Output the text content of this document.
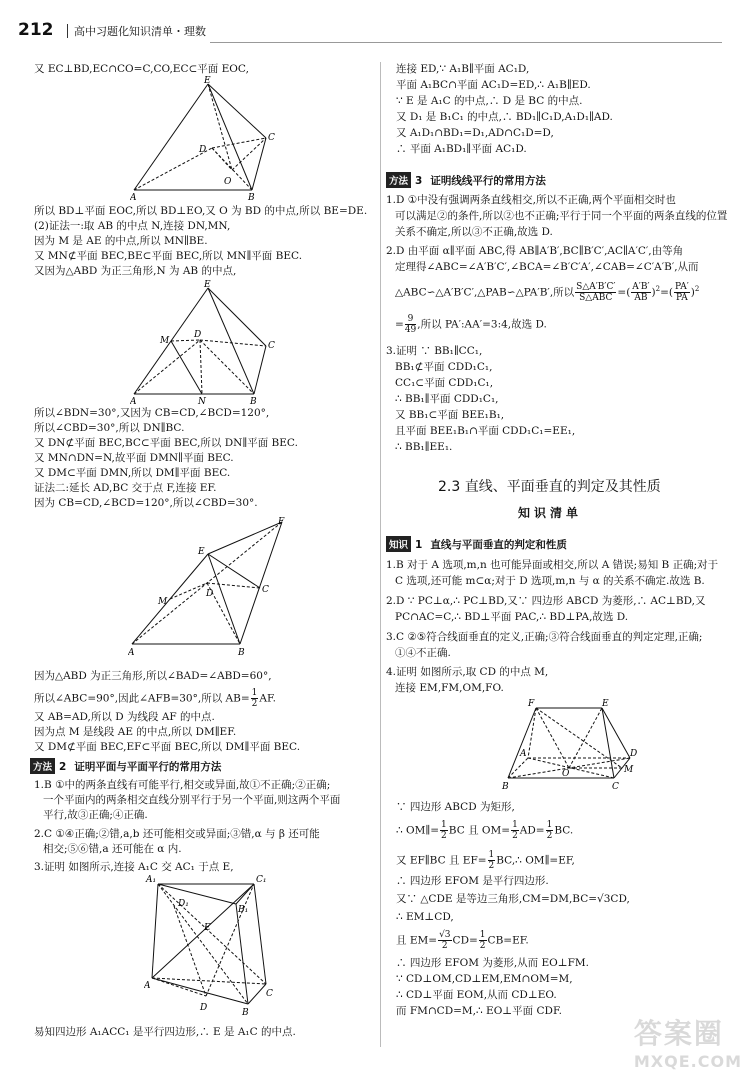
212 高中习题化知识清单・理数
又 EC⊥BD,EC∩CO=C,CO,EC⊂平面 EOC,
E
D
C
O
A	B
所以 BD⊥平面 EOC,所以 BD⊥EO,又 O 为 BD 的中点,所以 BE=DE.
(2)证法一:取 AB 的中点 N,连接 DN,MN,
因为 M 是 AE 的中点,所以 MN∥BE.
又 MN⊄平面 BEC,BE⊂平面 BEC,所以 MN∥平面 BEC.
又因为△ABD 为正三角形,N 为 AB 的中点,
E
D
M	C
A	N	B
所以∠BDN=30°,又因为 CB=CD,∠BCD=120°,
所以∠CBD=30°,所以 DN∥BC.
又 DN⊄平面 BEC,BC⊂平面 BEC,所以 DN∥平面 BEC.
又 MN∩DN=N,故平面 DMN∥平面 BEC.
又 DM⊂平面 DMN,所以 DM∥平面 BEC.
证法二:延长 AD,BC 交于点 F,连接 EF.
因为 CB=CD,∠BCD=120°,所以∠CBD=30°.
E
M
D	C
A	B
F
因为△ABD 为正三角形,所以∠BAD=∠ABD=60°,
所以∠ABC=90°,因此∠AFB=30°,所以 $AB= \frac{1}{2}$ AF.
又 AB=AD,所以 D 为线段 AF 的中点.
因为点 M 是线段 AE 的中点,所以 DM∥EF.
又 DM⊄平面 BEC,EF⊂平面 BEC,所以 DM∥平面 BEC.
方法 2 证明平面与平面平行的常用方法
1.B ①中的两条直线有可能平行,相交或异面,故①不正确;②正确;
一个平面内的两条相交直线分别平行于另一个平面,则这两个平面
平行,故③正确;④正确.
2.C ①④正确;②错,a,b 还可能相交或异面;③错,α 与 β 还可能
相交;⑤⑥错,a 还可能在 α 内.
3.证明 如图所示,连接 A₁C 交 AC₁ 于点 E,
A₁
D₁
C₁
B₁
E
A
D
C
B
易知四边形 A₁ACC₁ 是平行四边形,∴ E 是 A₁C 的中点.
连接 ED,∵ A₁B∥平面 AC₁D,
平面 A₁BC∩平面 AC₁D=ED,∴ A₁B∥ED.
∵ E 是 A₁C 的中点,∴ D 是 BC 的中点.
又 D₁ 是 B₁C₁ 的中点,∴ BD₁∥C₁D,A₁D₁∥AD.
又 A₁D₁∩BD₁=D₁,AD∩C₁D=D,
∴ 平面 A₁BD₁∥平面 AC₁D.
方法 3 证明线线平行的常用方法
1.D ①中没有强调两条直线相交,所以不正确,两个平面相交时也
可以满足②的条件,所以②也不正确;平行于同一个平面的两条直线的位置
关系不确定,所以③不正确,故选 D.
2.D 由平面 α∥平面 ABC,得 AB∥A′B′,BC∥B′C′,AC∥A′C′,由等角
定理得∠ABC=∠A′B′C′,∠BCA=∠B′C′A′,∠CAB=∠C′A′B′,从而
△ABC∽△A′B′C′,△PAB∽△PA′B′,所以 $\frac{S\triangle A'B'C'}{\text{S△ABC}}$ =( $\frac{A'B'}{AB} )^2=( \frac{PA'}{PA} )^2$
= $\frac{9}{49}$ ,所以 PA′:AA′=3:4,故选 D.
3.证明 ∵ BB₁∥CC₁,
BB₁⊄平面 CDD₁C₁,
CC₁⊂平面 CDD₁C₁,
∴ BB₁∥平面 CDD₁C₁,
又 BB₁⊂平面 BEE₁B₁,
且平面 BEE₁B₁∩平面 CDD₁C₁=EE₁,
∴ BB₁∥EE₁.
2.3 直线、平面垂直的判定及其性质
知识清单
知识 1 直线与平面垂直的判定和性质
1.B 对于 A 选项,m,n 也可能异面或相交,所以 A 错误;易知 B 正确;对于
C 选项,还可能 m⊂α;对于 D 选项,m,n 与 α 的关系不确定.故选 B.
2.D ∵ PC⊥α,∴ PC⊥BD,又∵ 四边形 ABCD 为菱形,∴ AC⊥BD,又
PC∩AC=C,∴ BD⊥平面 PAC,∴ BD⊥PA,故选 D.
3.C ②⑤符合线面垂直的定义,正确;③符合线面垂直的判定定理,正确;
①④不正确.
4.证明 如图所示,取 CD 的中点 M,
连接 EM,FM,OM,FO.
F	E
A	D
O	M
B	C
∵ 四边形 ABCD 为矩形,
∴ OM∥= $\frac{1}{2}$ BC 且 $OM= \frac{1}{2} AD= \frac{1}{2}$ BC.
又 EF∥BC 且 $EF= \frac{1}{2}$ BC,∴ OM∥=EF,
∴ 四边形 EFOM 是平行四边形.
又∵ △CDE 是等边三角形,CM=DM,BC=√3CD,
∴ EM⊥CD,
且 $EM= \frac{√3}{2} CD= \frac{1}{2} CB=EF$.
∴ 四边形 EFOM 为菱形,从而 EO⊥FM.
∵ CD⊥OM,CD⊥EM,EM∩OM=M,
∴ CD⊥平面 EOM,从而 CD⊥EO.
而 FM∩CD=M,∴ EO⊥平面 CDF.
答案圈
MXQE.COM
